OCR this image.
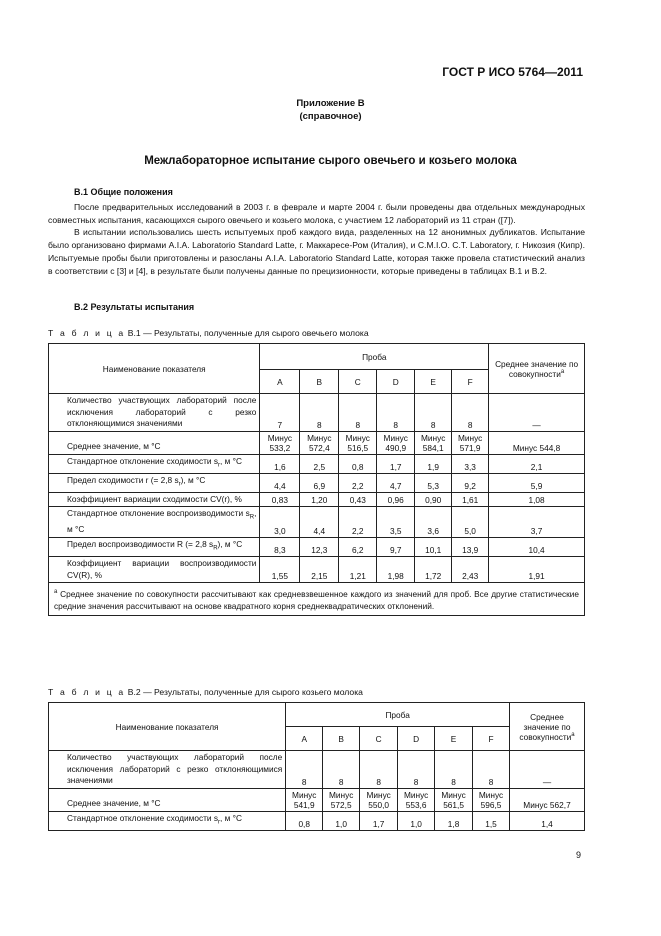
ГОСТ Р ИСО 5764—2011
Приложение В
(справочное)
Межлабораторное испытание сырого овечьего и козьего молока
В.1 Общие положения

После предварительных исследований в 2003 г. в феврале и марте 2004 г. были проведены два отдельных международных совместных испытания, касающихся сырого овечьего и козьего молока, с участием 12 лабораторий из 11 стран ([7]).

В испытании использовались шесть испытуемых проб каждого вида, разделенных на 12 анонимных дубликатов. Испытание было организовано фирмами A.I.A. Laboratorio Standard Latte, г. Маккаресе-Ром (Италия), и C.M.I.O. C.T. Laboratory, г. Никозия (Кипр). Испытуемые пробы были приготовлены и разосланы A.I.A. Laboratorio Standard Latte, которая также провела статистический анализ в соответствии с [3] и [4], в результате были получены данные по прецизионности, которые приведены в таблицах В.1 и В.2.

В.2 Результаты испытания
Т а б л и ц а В.1 — Результаты, полученные для сырого овечьего молока
Наименование показателя	Проба						Среднее значение по совокупности$^a$
	A	B	C	D	E	F	
Количество участвующих лабораторий после исключения лабораторий с резко отклоняющимися значениями	7	8	8	8	8	8	—
Среднее значение, м °С	Минус 533,2	Минус 572,4	Минус 516,5	Минус 490,9	Минус 584,1	Минус 571,9	Минус 544,8
Стандартное отклонение сходимости $s_r$, м °С	1,6	2,5	0,8	1,7	1,9	3,3	2,1
Предел сходимости r (= 2,8 $s_r$), м °С	4,4	6,9	2,2	4,7	5,3	9,2	5,9
Коэффициент вариации сходимости CV(r), %	0,83	1,20	0,43	0,96	0,90	1,61	1,08
Стандартное отклонение воспроизводимости $s_R$, м °С	3,0	4,4	2,2	3,5	3,6	5,0	3,7
Предел воспроизводимости R (= 2,8 $s_R$), м °С	8,3	12,3	6,2	9,7	10,1	13,9	10,4
Коэффициент вариации воспроизводимости CV(R), %	1,55	2,15	1,21	1,98	1,72	2,43	1,91
$^a$ Среднее значение по совокупности рассчитывают как средневзвешенное каждого из значений для проб. Все другие статистические средние значения рассчитывают на основе квадратного корня среднеквадратических отклонений.							
Т а б л и ц а В.2 — Результаты, полученные для сырого козьего молока
Наименование показателя	Проба						Среднее значение по совокупности$^a$
	A	B	C	D	E	F	
Количество участвующих лабораторий после исключения лабораторий с резко отклоняющимися значениями	8	8	8	8	8	8	—
Среднее значение, м °С	Минус 541,9	Минус 572,5	Минус 550,0	Минус 553,6	Минус 561,5	Минус 596,5	Минус 562,7
Стандартное отклонение сходимости $s_r$, м °С	0,8	1,0	1,7	1,0	1,8	1,5	1,4
9
